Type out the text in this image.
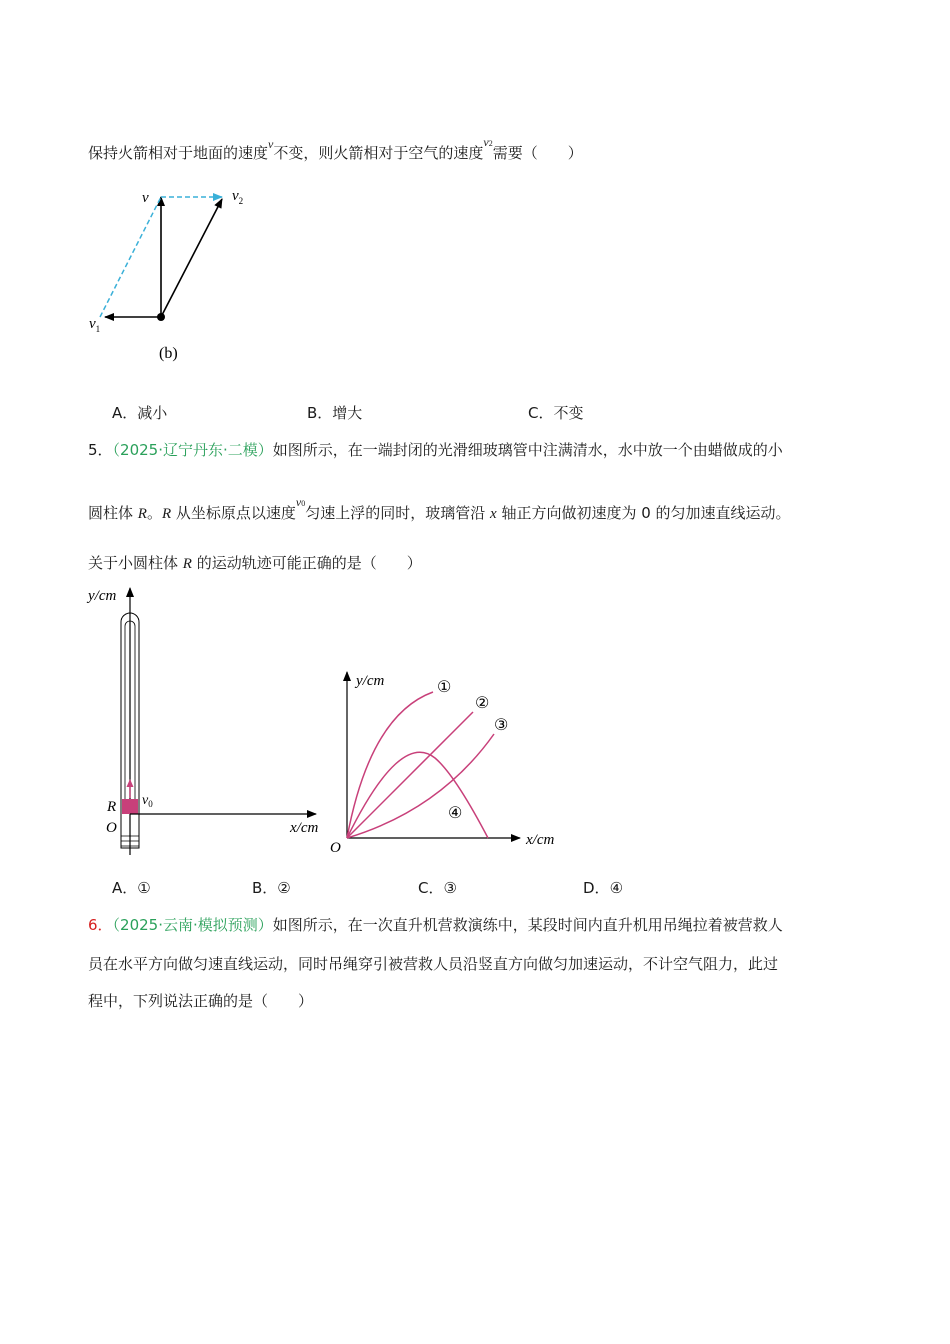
保持火箭相对于地面的速度$^v$不变，则火箭相对于空气的速度$^{v2}$需要（　　）
v	$v_2$
$v_1$
(b)
A．减小	B．增大	C．不变
5．（2025·辽宁丹东·二模）如图所示，在一端封闭的光滑细玻璃管中注满清水，水中放一个由蜡做成的小
圆柱体 R。R 从坐标原点以速度$^{v0}$匀速上浮的同时，玻璃管沿 x 轴正方向做初速度为 0 的匀加速直线运动。
关于小圆柱体 R 的运动轨迹可能正确的是（　　）
y/cm
x/cm
R
O
$v_0$
y/cm
x/cm
O
①
②
③
④
A．①	B．②	C．③	D．④
6．（2025·云南·模拟预测）如图所示，在一次直升机营救演练中，某段时间内直升机用吊绳拉着被营救人
员在水平方向做匀速直线运动，同时吊绳穿引被营救人员沿竖直方向做匀加速运动，不计空气阻力，此过
程中，下列说法正确的是（　　）
